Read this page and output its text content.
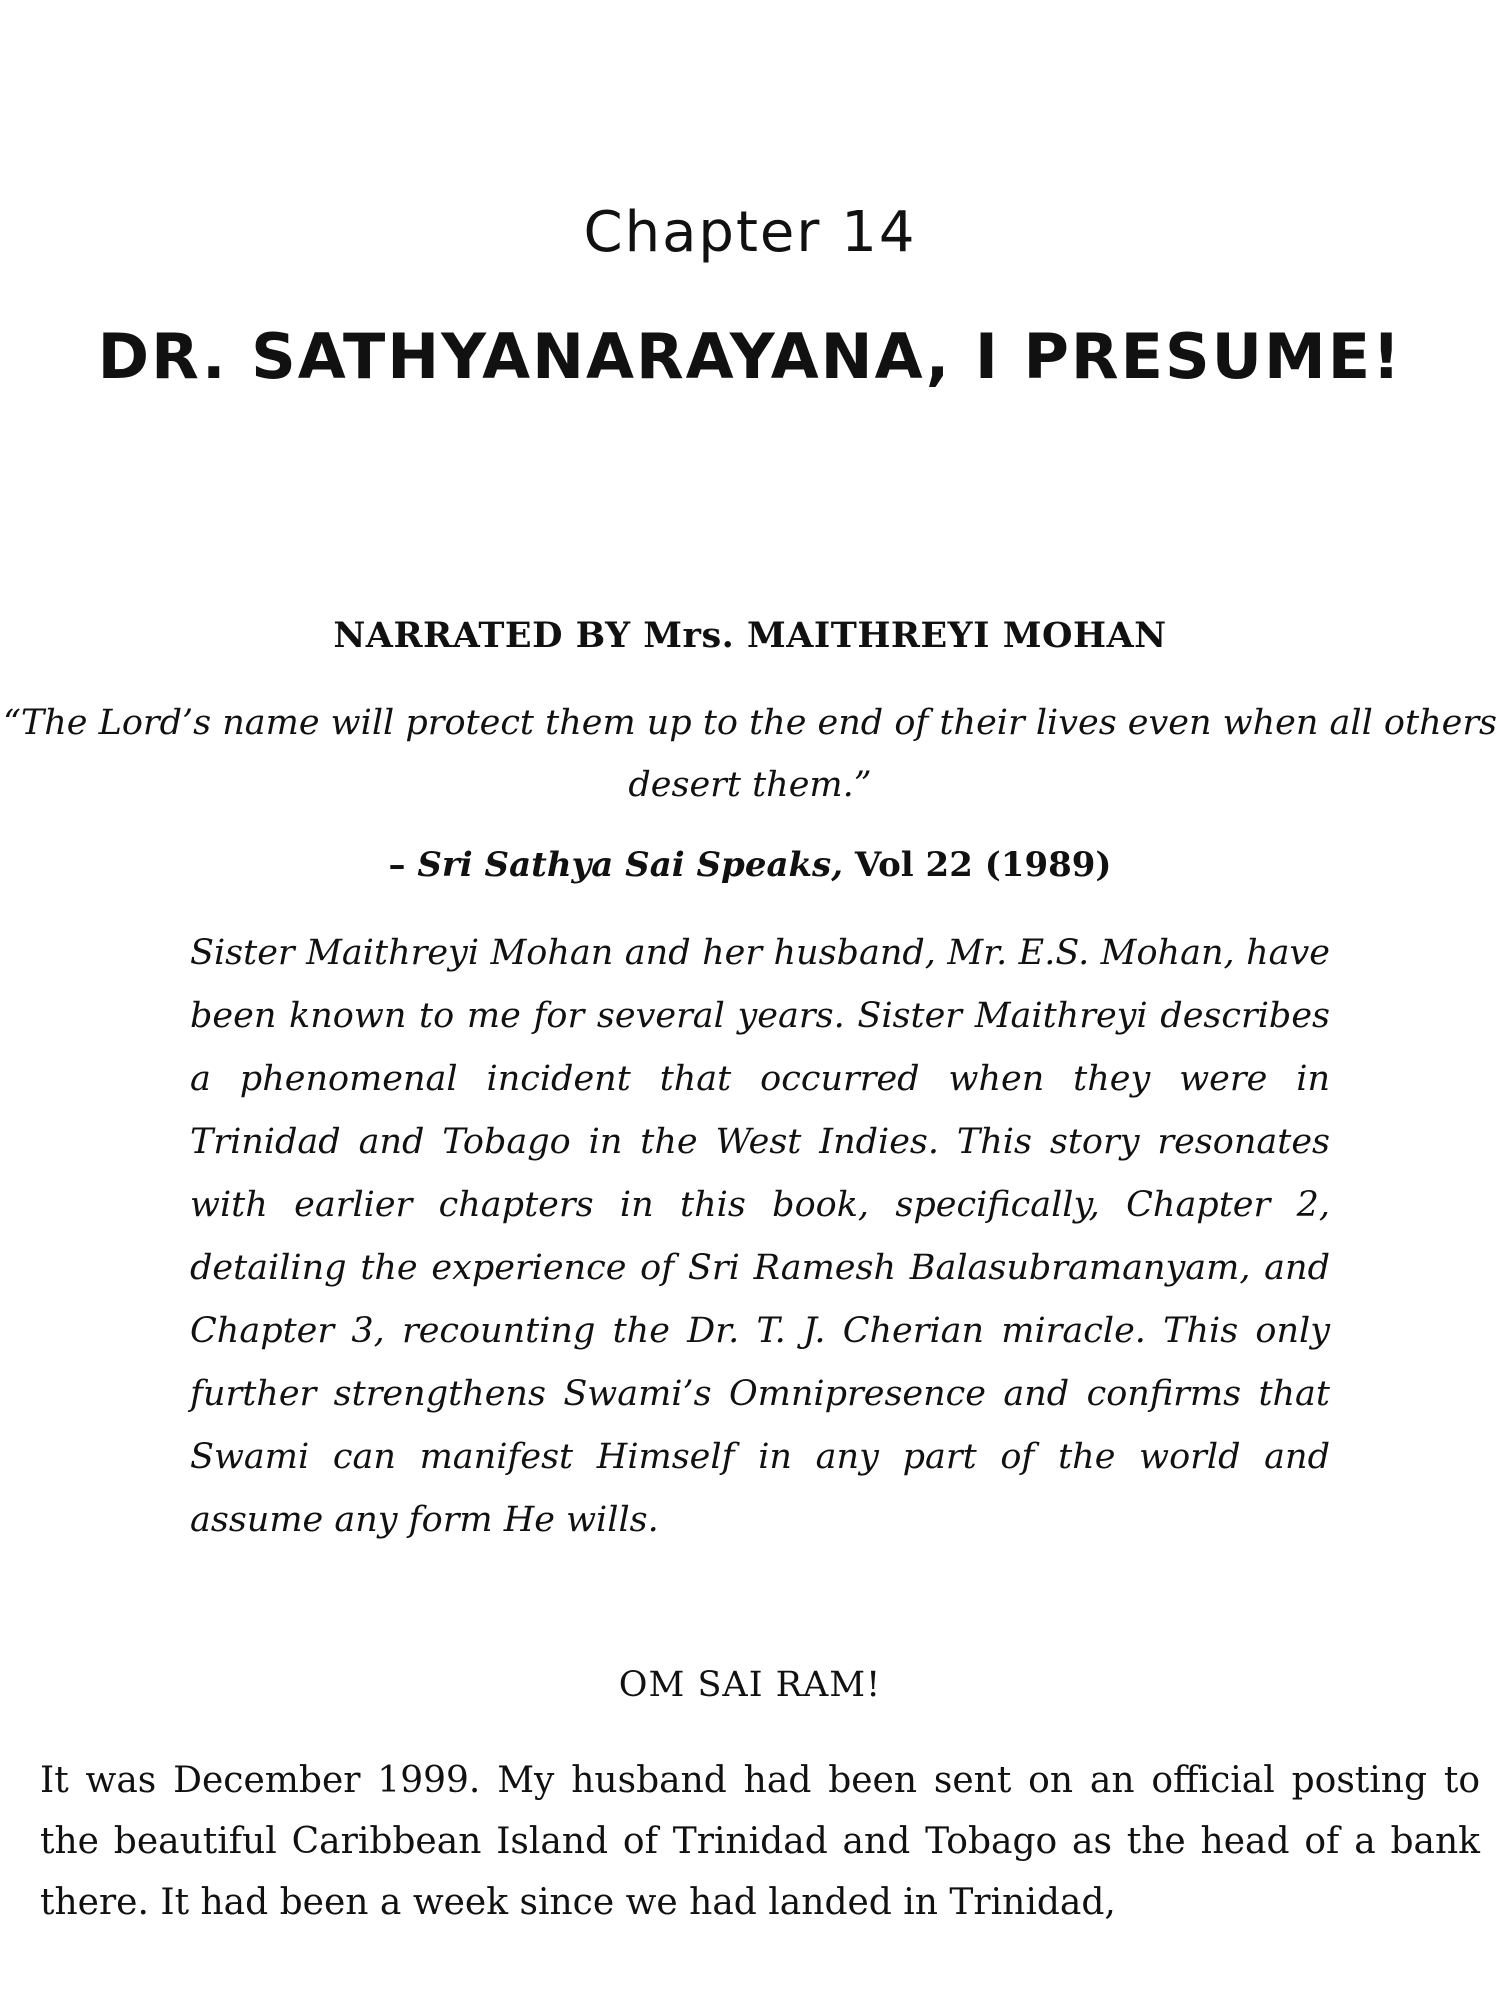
Chapter 14
DR. SATHYANARAYANA, I PRESUME!
NARRATED BY Mrs. MAITHREYI MOHAN
“The Lord’s name will protect them up to the end of their lives even when all others desert them.”
– Sri Sathya Sai Speaks, Vol 22 (1989)

Sister Maithreyi Mohan and her husband, Mr. E.S. Mohan, have been known to me for several years. Sister Maithreyi describes a phenomenal incident that occurred when they were in Trinidad and Tobago in the West Indies. This story resonates with earlier chapters in this book, specifically, Chapter 2, detailing the experience of Sri Ramesh Balasubramanyam, and Chapter 3, recounting the Dr. T. J. Cherian miracle. This only further strengthens Swami’s Omnipresence and confirms that Swami can manifest Himself in any part of the world and assume any form He wills.

OM SAI RAM!

It was December 1999. My husband had been sent on an official posting to the beautiful Caribbean Island of Trinidad and Tobago as the head of a bank there. It had been a week since we had landed in Trinidad,
